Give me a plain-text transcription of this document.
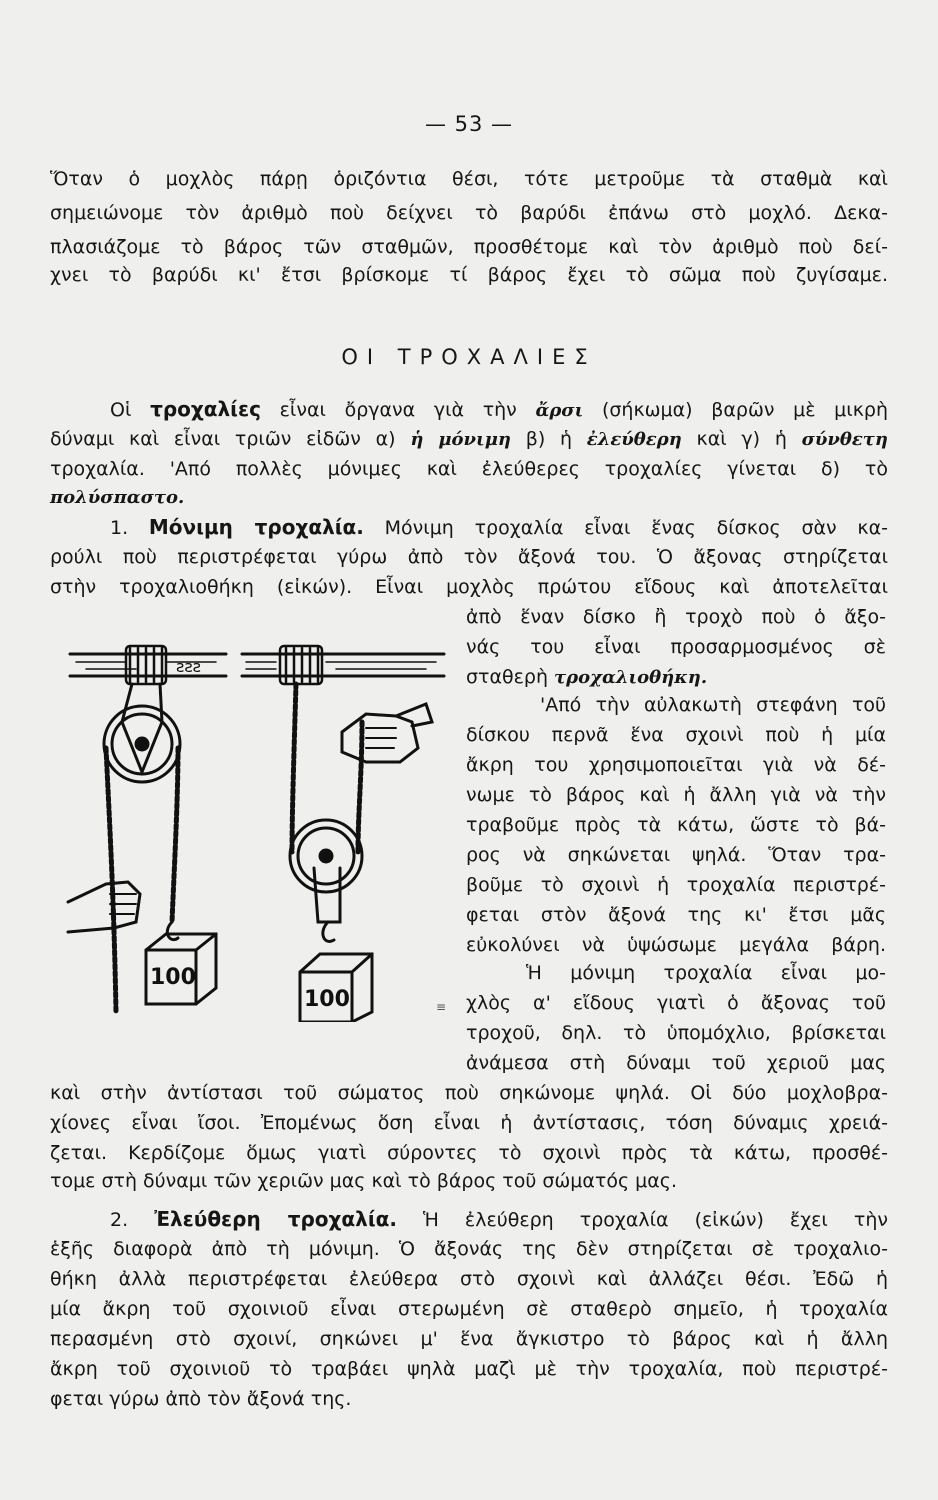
— 53 —
Ὅταν ὁ μοχλὸς πάρῃ ὁριζόντια θέσι, τότε μετροῦμε τὰ σταθμὰ καὶ
σημειώνομε τὸν ἀριθμὸ ποὺ δείχνει τὸ βαρύδι ἐπάνω στὸ μοχλό. Δεκα-
πλασιάζομε τὸ βάρος τῶν σταθμῶν, προσθέτομε καὶ τὸν ἀριθμὸ ποὺ δεί-
χνει τὸ βαρύδι κι' ἔτσι βρίσκομε τί βάρος ἔχει τὸ σῶμα ποὺ ζυγίσαμε.
ΟΙ ΤΡΟΧΑΛΙΕΣ
Οἱ τροχαλίες εἶναι ὄργανα γιὰ τὴν ἄρσι (σήκωμα) βαρῶν μὲ μικρὴ
δύναμι καὶ εἶναι τριῶν εἰδῶν α) ἡ μόνιμη β) ἡ ἐλεύθερη καὶ γ) ἡ σύνθετη
τροχαλία. 'Από πολλὲς μόνιμες καὶ ἐλεύθερες τροχαλίες γίνεται δ) τὸ
πολύσπαστο.
1. Μόνιμη τροχαλία. Μόνιμη τροχαλία εἶναι ἕνας δίσκος σὰν κα-
ρούλι ποὺ περιστρέφεται γύρω ἀπὸ τὸν ἄξονά του. Ὁ ἄξονας στηρίζεται
στὴν τροχαλιοθήκη (εἰκών). Εἶναι μοχλὸς πρώτου εἴδους καὶ ἀποτελεῖται
ἀπὸ ἕναν δίσκο ἢ τροχὸ ποὺ ὁ ἄξο-
νάς του εἶναι προσαρμοσμένος σὲ
σταθερὴ τροχαλιοθήκη.
'Από τὴν αὐλακωτὴ στεφάνη τοῦ
δίσκου περνᾶ ἕνα σχοινὶ ποὺ ἡ μία
ἄκρη του χρησιμοποιεῖται γιὰ νὰ δέ-
νωμε τὸ βάρος καὶ ἡ ἄλλη γιὰ νὰ τὴν
τραβοῦμε πρὸς τὰ κάτω, ὥστε τὸ βά-
ρος νὰ σηκώνεται ψηλά. Ὅταν τρα-
βοῦμε τὸ σχοινὶ ἡ τροχαλία περιστρέ-
φεται στὸν ἄξονά της κι' ἔτσι μᾶς
εὐκολύνει νὰ ὑψώσωμε μεγάλα βάρη.
Ἡ μόνιμη τροχαλία εἶναι μο-
χλὸς α' εἴδους γιατὶ ὁ ἄξονας τοῦ
τροχοῦ, δηλ. τὸ ὑπομόχλιο, βρίσκεται
ἀνάμεσα στὴ δύναμι τοῦ χεριοῦ μας
καὶ στὴν ἀντίστασι τοῦ σώματος ποὺ σηκώνομε ψηλά. Οἱ δύο μοχλοβρα-
χίονες εἶναι ἴσοι. Ἐπομένως ὅση εἶναι ἡ ἀντίστασις, τόση δύναμις χρειά-
ζεται. Κερδίζομε ὅμως γιατὶ σύροντες τὸ σχοινὶ πρὸς τὰ κάτω, προσθέ-
τομε στὴ δύναμι τῶν χεριῶν μας καὶ τὸ βάρος τοῦ σώματός μας.
2. Ἐλεύθερη τροχαλία. Ἡ ἐλεύθερη τροχαλία (εἰκών) ἔχει τὴν
ἑξῆς διαφορὰ ἀπὸ τὴ μόνιμη. Ὁ ἄξονάς της δὲν στηρίζεται σὲ τροχαλιο-
θήκη ἀλλὰ περιστρέφεται ἐλεύθερα στὸ σχοινὶ καὶ ἀλλάζει θέσι. Ἐδῶ ἡ
μία ἄκρη τοῦ σχοινιοῦ εἶναι στερωμένη σὲ σταθερὸ σημεῖο, ἡ τροχαλία
περασμένη στὸ σχοινί, σηκώνει μ' ἕνα ἄγκιστρο τὸ βάρος καὶ ἡ ἄλλη
ἄκρη τοῦ σχοινιοῦ τὸ τραβάει ψηλὰ μαζὶ μὲ τὴν τροχαλία, ποὺ περιστρέ-
φεται γύρω ἀπὸ τὸν ἄξονά της.
ƨƨƨ
100
100	≡
